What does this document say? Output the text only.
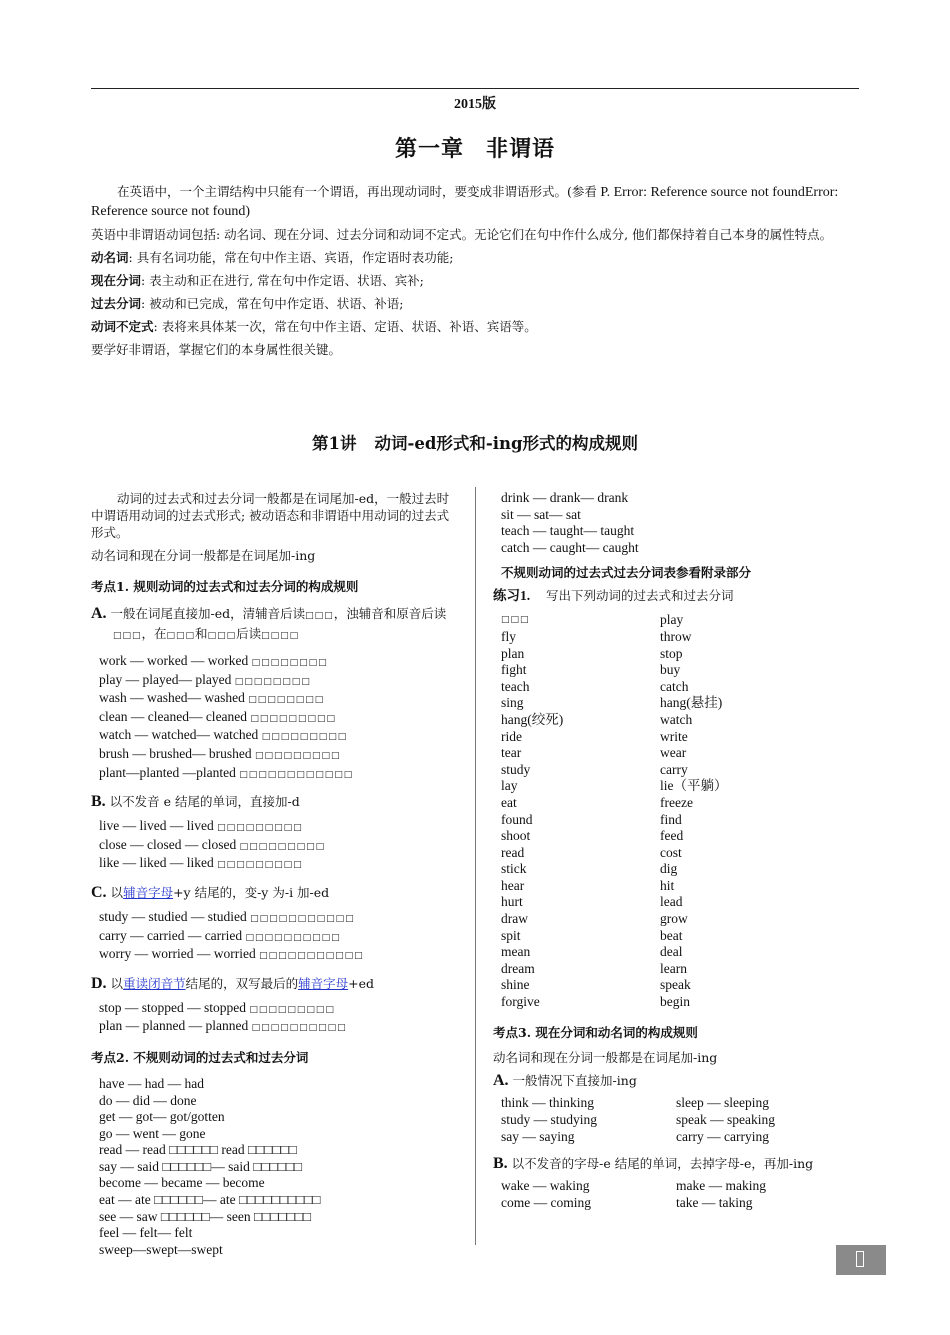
2015版
第一章 非谓语

在英语中，一个主谓结构中只能有一个谓语，再出现动词时，要变成非谓语形式。(参看 P. Error: Reference source not foundError: Reference source not found)

英语中非谓语动词包括: 动名词、现在分词、过去分词和动词不定式。无论它们在句中作什么成分, 他们都保持着自己本身的属性特点。

动名词: 具有名词功能，常在句中作主语、宾语，作定语时表功能;

现在分词: 表主动和正在进行, 常在句中作定语、状语、宾补;

过去分词: 被动和已完成，常在句中作定语、状语、补语;

动词不定式: 表将来具体某一次，常在句中作主语、定语、状语、补语、宾语等。

要学好非谓语，掌握它们的本身属性很关键。

第1讲 动词-ed形式和-ing形式的构成规则

动词的过去式和过去分词一般都是在词尾加-ed，一般过去时中谓语用动词的过去式形式; 被动语态和非谓语中用动词的过去式形式。

动名词和现在分词一般都是在词尾加-ing

考点1. 规则动词的过去式和过去分词的构成规则

A. 一般在词尾直接加-ed，清辅音后读□□□，浊辅音和原音后读□□□，在□□□和□□□后读□□□□

work — worked — worked □□□□□□□□
play — played— played □□□□□□□□
wash — washed— washed □□□□□□□□
clean — cleaned— cleaned □□□□□□□□□
watch — watched— watched □□□□□□□□□
brush — brushed— brushed □□□□□□□□□
plant—planted —planted □□□□□□□□□□□□

B. 以不发音 e 结尾的单词，直接加-d

live — lived — lived □□□□□□□□□
close — closed — closed □□□□□□□□□
like — liked — liked □□□□□□□□□

C. 以辅音字母+y 结尾的，变-y 为-i 加-ed

study — studied — studied □□□□□□□□□□□
carry — carried — carried □□□□□□□□□□
worry — worried — worried □□□□□□□□□□□

D. 以重读闭音节结尾的，双写最后的辅音字母+ed

stop — stopped — stopped □□□□□□□□□
plan — planned — planned □□□□□□□□□□

考点2. 不规则动词的过去式和过去分词

have — had — had
do — did — done
get — got— got/gotten
go — went — gone
read — read □□□□□□ read □□□□□□
say — said □□□□□□— said □□□□□□
become — became — become
eat — ate □□□□□□— ate □□□□□□□□□□
see — saw □□□□□□— seen □□□□□□□
feel — felt— felt
sweep—swept—swept
drink — drank— drank
sit — sat— sat
teach — taught— taught
catch — caught— caught

不规则动词的过去式过去分词表参看附录部分

练习1. 写出下列动词的过去式和过去分词

□□□
fly
plan
fight
teach
sing
hang(绞死)
ride
tear
study
lay
eat
found
shoot
read
stick
hear
hurt
draw
spit
mean
dream
shine
forgive
play
throw
stop
buy
catch
hang(悬挂)
watch
write
wear
carry
lie（平躺）
freeze
find
feed
cost
dig
hit
lead
grow
beat
deal
learn
speak
begin

考点3. 现在分词和动名词的构成规则

动名词和现在分词一般都是在词尾加-ing

A. 一般情况下直接加-ing

think — thinking
study — studying
say — saying
sleep — sleeping
speak — speaking
carry — carrying

B. 以不发音的字母-e 结尾的单词，去掉字母-e，再加-ing

wake — waking
come — coming
make — making
take — taking
